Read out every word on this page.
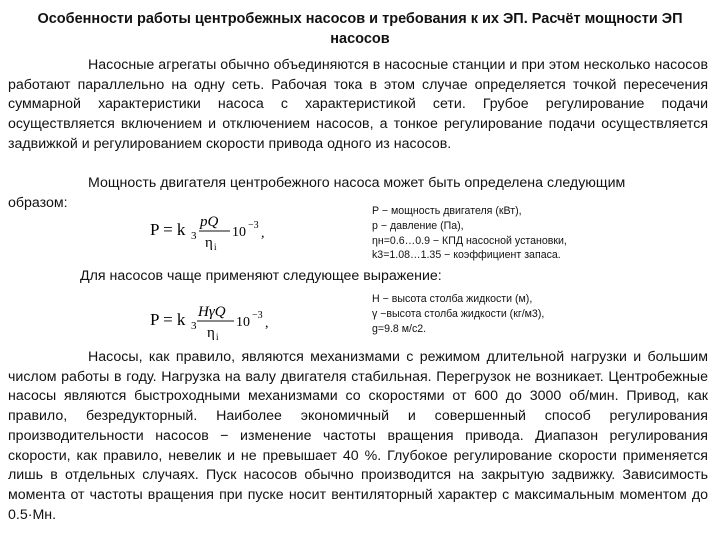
Особенности работы центробежных насосов и требования к их ЭП. Расчёт мощности ЭП насосов
Насосные агрегаты обычно объединяются в насосные станции и при этом несколько насосов работают параллельно на одну сеть. Рабочая тока в этом случае определяется точкой пересечения суммарной характеристики насоса с характеристикой сети. Грубое регулирование подачи осуществляется включением и отключением насосов, а тонкое регулирование подачи осуществляется задвижкой и регулированием скорости привода одного из насосов.
Мощность двигателя центробежного насоса может быть определена следующим
образом:
P = k 3
pQ
η i
10 −3
,
P − мощность двигателя (кВт),
p − давление (Па),
ηн=0.6…0.9 − КПД насосной установки,
k3=1.08…1.35 − коэффициент запаса.
Для насосов чаще применяют следующее выражение:
P = k 3
HγQ
η i
10 −3
,
H − высота столба жидкости (м),
γ −высота столба жидкости (кг/м3),
g=9.8 м/с2.
Насосы, как правило, являются механизмами с режимом длительной нагрузки и большим числом работы в году. Нагрузка на валу двигателя стабильная. Перегрузок не возникает. Центробежные насосы являются быстроходными механизмами со скоростями от 600 до 3000 об/мин. Привод, как правило, безредукторный. Наиболее экономичный и совершенный способ регулирования производительности насосов − изменение частоты вращения привода. Диапазон регулирования скорости, как правило, невелик и не превышает 40 %. Глубокое регулирование скорости применяется лишь в отдельных случаях. Пуск насосов обычно производится на закрытую задвижку. Зависимость момента от частоты вращения при пуске носит вентиляторный характер с максимальным моментом до 0.5·Мн.
